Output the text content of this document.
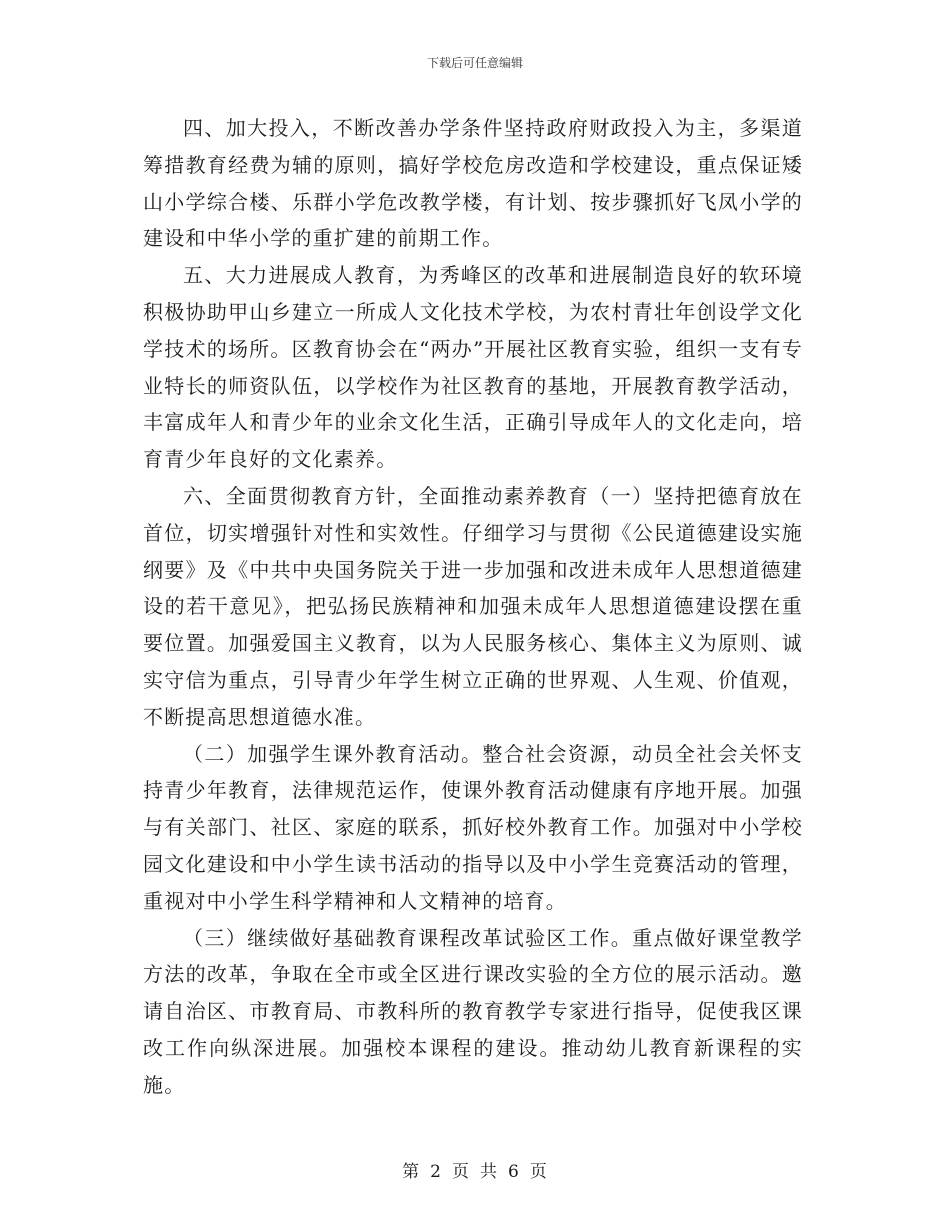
下载后可任意编辑

四、加大投入，不断改善办学条件坚持政府财政投入为主，多渠道筹措教育经费为辅的原则，搞好学校危房改造和学校建设，重点保证矮山小学综合楼、乐群小学危改教学楼，有计划、按步骤抓好飞凤小学的建设和中华小学的重扩建的前期工作。

五、大力进展成人教育，为秀峰区的改革和进展制造良好的软环境积极协助甲山乡建立一所成人文化技术学校，为农村青壮年创设学文化学技术的场所。区教育协会在“两办”开展社区教育实验，组织一支有专业特长的师资队伍，以学校作为社区教育的基地，开展教育教学活动，丰富成年人和青少年的业余文化生活，正确引导成年人的文化走向，培育青少年良好的文化素养。

六、全面贯彻教育方针，全面推动素养教育（一）坚持把德育放在首位，切实增强针对性和实效性。仔细学习与贯彻《公民道德建设实施纲要》及《中共中央国务院关于进一步加强和改进未成年人思想道德建设的若干意见》，把弘扬民族精神和加强未成年人思想道德建设摆在重要位置。加强爱国主义教育，以为人民服务核心、集体主义为原则、诚实守信为重点，引导青少年学生树立正确的世界观、人生观、价值观，不断提高思想道德水准。

（二）加强学生课外教育活动。整合社会资源，动员全社会关怀支持青少年教育，法律规范运作，使课外教育活动健康有序地开展。加强与有关部门、社区、家庭的联系，抓好校外教育工作。加强对中小学校园文化建设和中小学生读书活动的指导以及中小学生竞赛活动的管理，重视对中小学生科学精神和人文精神的培育。

（三）继续做好基础教育课程改革试验区工作。重点做好课堂教学方法的改革，争取在全市或全区进行课改实验的全方位的展示活动。邀请自治区、市教育局、市教科所的教育教学专家进行指导，促使我区课改工作向纵深进展。加强校本课程的建设。推动幼儿教育新课程的实施。

第 2 页 共 6 页
